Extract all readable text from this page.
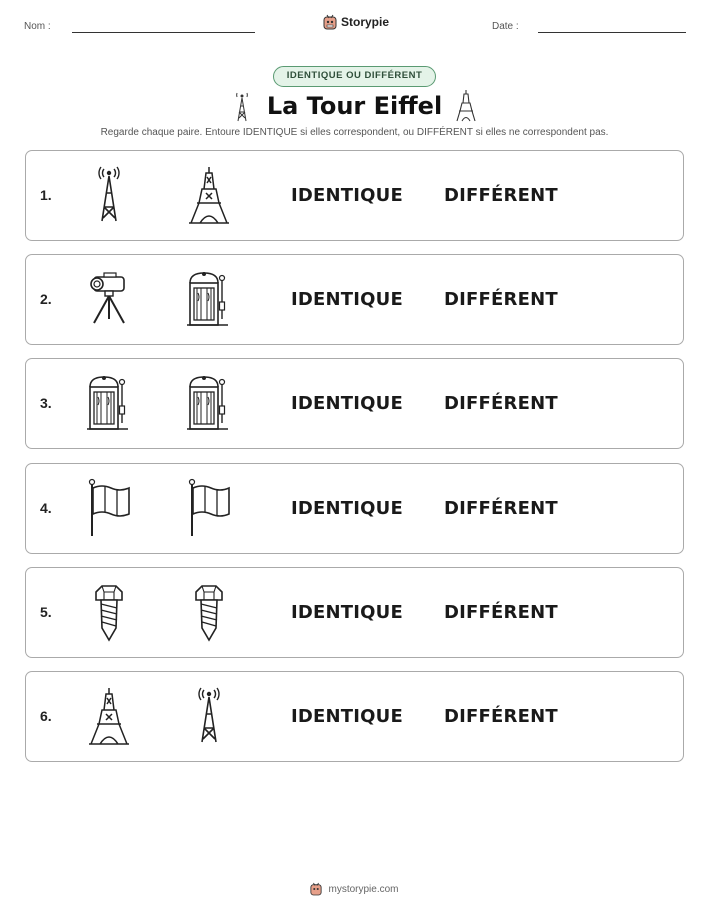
Nom :	Storypie	Date :
IDENTIQUE OU DIFFÉRENT
La Tour Eiffel
Regarde chaque paire. Entoure IDENTIQUE si elles correspondent, ou DIFFÉRENT si elles ne correspondent pas.
1.	IDENTIQUE DIFFÉRENT
2.	IDENTIQUE DIFFÉRENT
3.	IDENTIQUE DIFFÉRENT
4.	IDENTIQUE DIFFÉRENT
5.	IDENTIQUE DIFFÉRENT
6.	IDENTIQUE DIFFÉRENT
mystorypie.com
